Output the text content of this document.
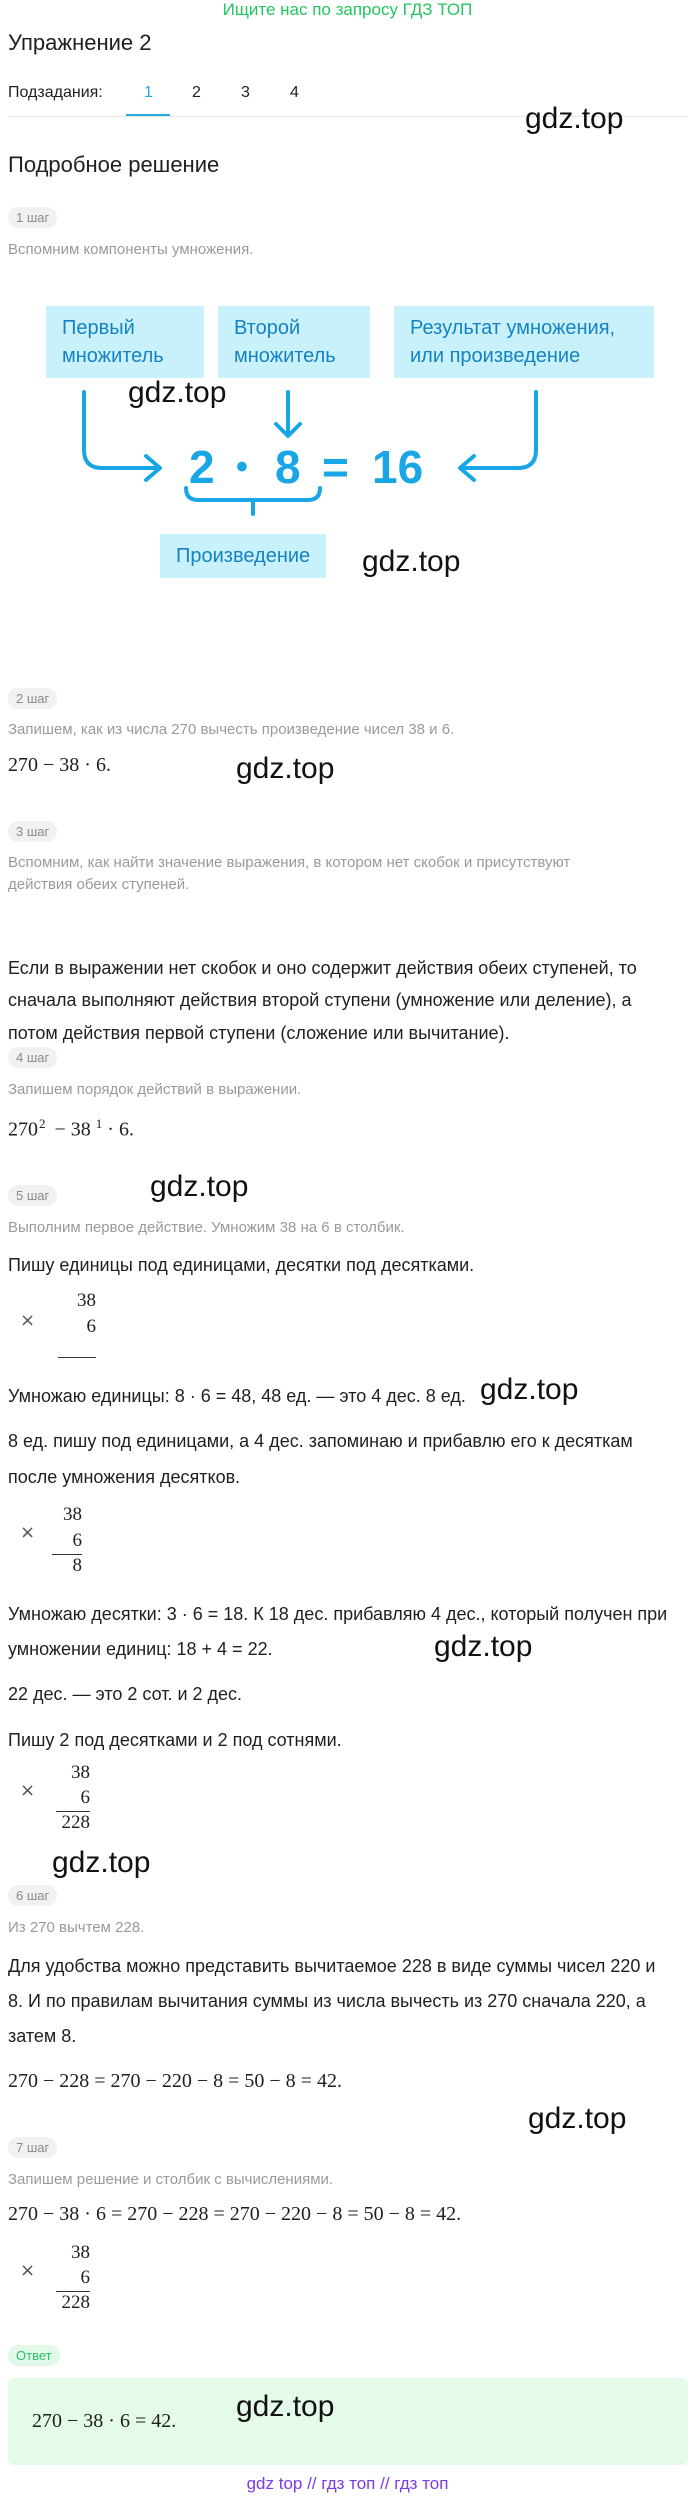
Ищите нас по запросу ГДЗ ТОП
Упражнение 2
Подзадания:	1 2	3	4
gdz.top
Подробное решение
1 шаг
Вспомним компоненты умножения.
Первый
множитель
Второй
множитель
Результат умножения,
или произведение
2 • 8 = 16
Произведение
gdz.top
gdz.top
2 шаг
Запишем, как из числа 270 вычесть произведение чисел 38 и 6.
270 − 38 · 6.	gdz.top
3 шаг
Вспомним, как найти значение выражения, в котором нет скобок и присутствуют
действия обеих ступеней.
Если в выражении нет скобок и оно содержит действия обеих ступеней, то
сначала выполняют действия второй ступени (умножение или деление), а
потом действия первой ступени (сложение или вычитание).
4 шаг
Запишем порядок действий в выражении.
270 $^2$ − 38 $^1$ · 6.
gdz.top
5 шаг
Выполним первое действие. Умножим 38 на 6 в столбик.
Пишу единицы под единицами, десятки под десятками.
×
38
6
Умножаю единицы: 8 · 6 = 48, 48 ед. — это 4 дес. 8 ед. gdz.top
8 ед. пишу под единицами, а 4 дес. запоминаю и прибавлю его к десяткам
после умножения десятков.
×
38
6
8
Умножаю десятки: 3 · 6 = 18. К 18 дес. прибавляю 4 дес., который получен при
умножении единиц: 18 + 4 = 22.	gdz.top
22 дес. — это 2 сот. и 2 дес.
Пишу 2 под десятками и 2 под сотнями.
×
38
6
228
gdz.top
6 шаг
Из 270 вычтем 228.
Для удобства можно представить вычитаемое 228 в виде суммы чисел 220 и
8. И по правилам вычитания суммы из числа вычесть из 270 сначала 220, а
затем 8.
270 − 228 = 270 − 220 − 8 = 50 − 8 = 42.
gdz.top
7 шаг
Запишем решение и столбик с вычислениями.
270 − 38 · 6 = 270 − 228 = 270 − 220 − 8 = 50 − 8 = 42.
×
38
6
228
Ответ
270 − 38 · 6 = 42. gdz.top
gdz top // гдз топ // гдз топ
